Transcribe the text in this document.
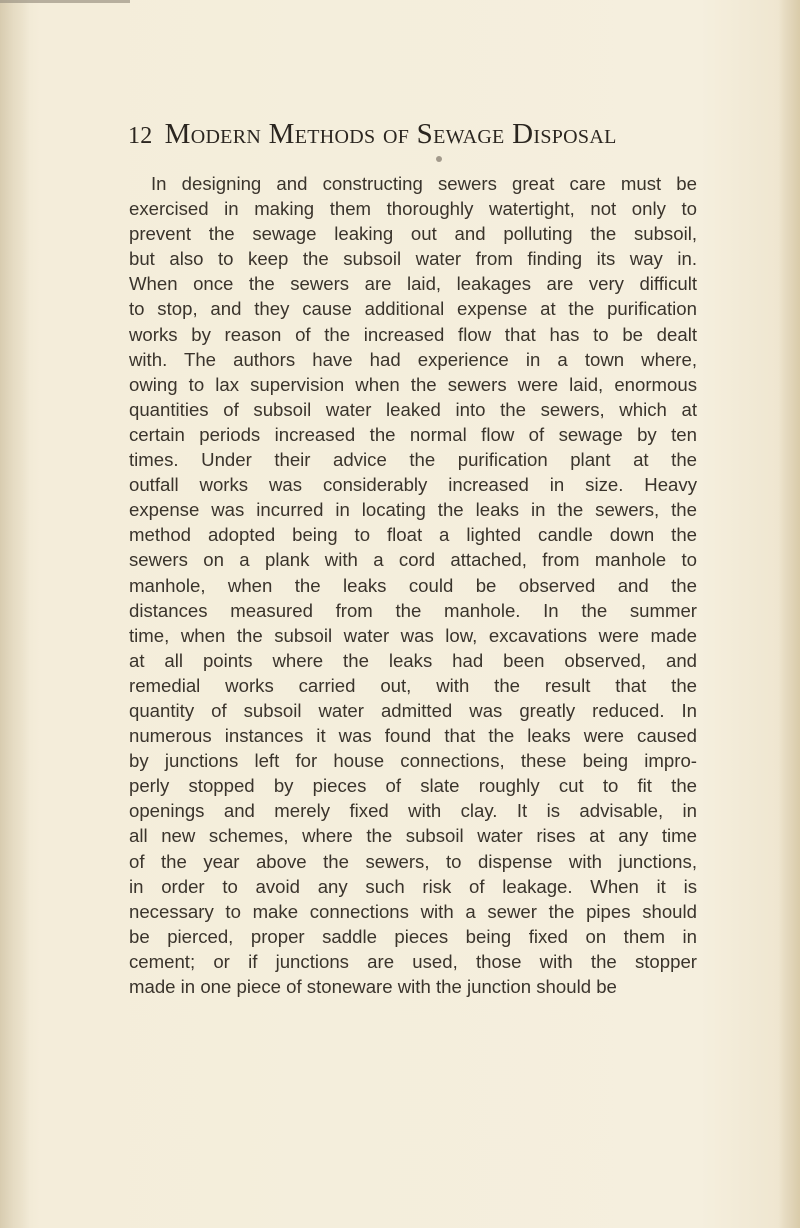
12 Modern Methods of Sewage Disposal
In designing and constructing sewers great care must be
exercised in making them thoroughly watertight, not only to
prevent the sewage leaking out and polluting the subsoil,
but also to keep the subsoil water from finding its way in.
When once the sewers are laid, leakages are very difficult
to stop, and they cause additional expense at the purification
works by reason of the increased flow that has to be dealt
with. The authors have had experience in a town where,
owing to lax supervision when the sewers were laid, enormous
quantities of subsoil water leaked into the sewers, which at
certain periods increased the normal flow of sewage by ten
times. Under their advice the purification plant at the
outfall works was considerably increased in size. Heavy
expense was incurred in locating the leaks in the sewers, the
method adopted being to float a lighted candle down the
sewers on a plank with a cord attached, from manhole to
manhole, when the leaks could be observed and the
distances measured from the manhole. In the summer
time, when the subsoil water was low, excavations were made
at all points where the leaks had been observed, and
remedial works carried out, with the result that the
quantity of subsoil water admitted was greatly reduced. In
numerous instances it was found that the leaks were caused
by junctions left for house connections, these being impro-
perly stopped by pieces of slate roughly cut to fit the
openings and merely fixed with clay. It is advisable, in
all new schemes, where the subsoil water rises at any time
of the year above the sewers, to dispense with junctions,
in order to avoid any such risk of leakage. When it is
necessary to make connections with a sewer the pipes should
be pierced, proper saddle pieces being fixed on them in
cement; or if junctions are used, those with the stopper
made in one piece of stoneware with the junction should be
